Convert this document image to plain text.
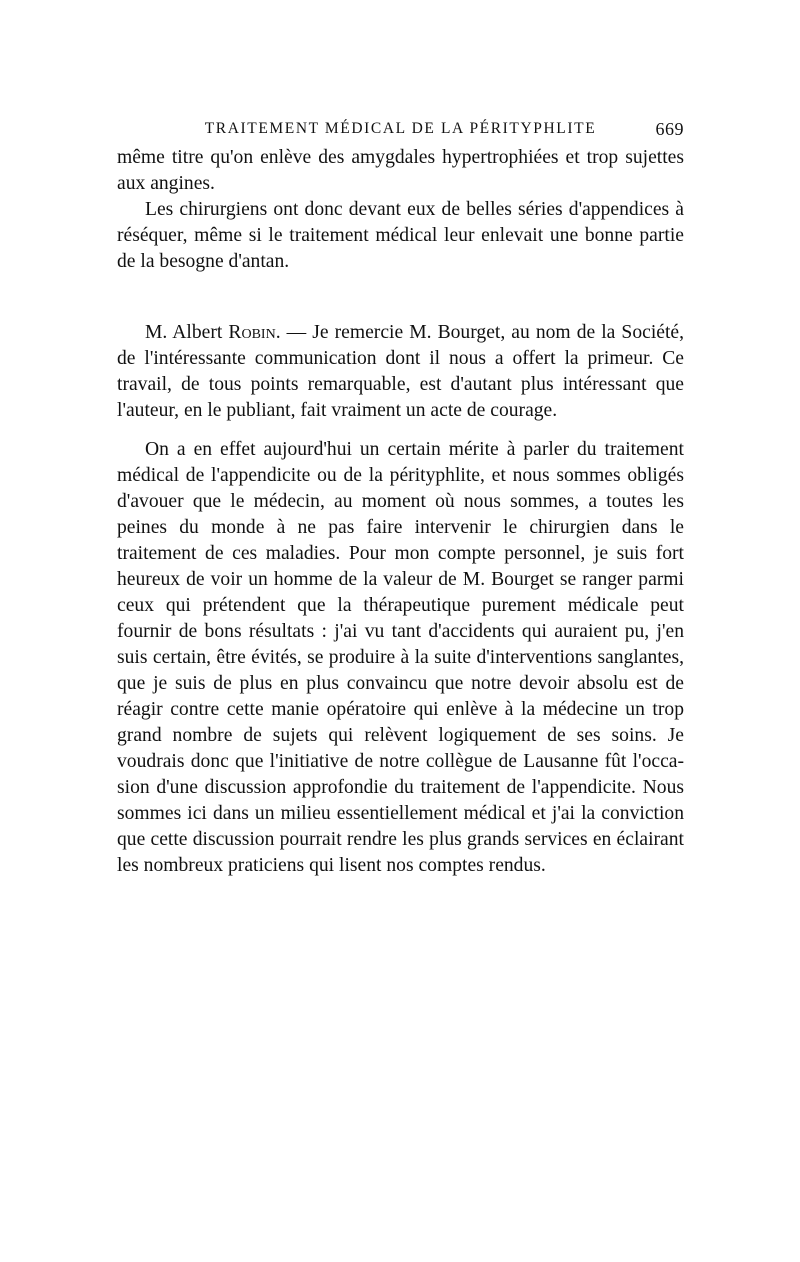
TRAITEMENT MÉDICAL DE LA PÉRITYPHLITE	669

même titre qu'on enlève des amygdales hypertrophiées et trop sujettes aux angines.

Les chirurgiens ont donc devant eux de belles séries d'appendices à réséquer, même si le traitement médical leur enlevait une bonne partie de la besogne d'antan.

M. Albert Robin. — Je remercie M. Bourget, au nom de la Société, de l'intéressante communication dont il nous a offert la primeur. Ce travail, de tous points remarquable, est d'autant plus intéressant que l'auteur, en le publiant, fait vraiment un acte de courage.

On a en effet aujourd'hui un certain mérite à parler du traitement médical de l'appendicite ou de la pérityphlite, et nous sommes obligés d'avouer que le médecin, au moment où nous sommes, a toutes les peines du monde à ne pas faire intervenir le chirurgien dans le traitement de ces maladies. Pour mon compte personnel, je suis fort heureux de voir un homme de la valeur de M. Bourget se ranger parmi ceux qui prétendent que la thérapeutique purement médicale peut fournir de bons résultats : j'ai vu tant d'accidents qui auraient pu, j'en suis certain, être évités, se produire à la suite d'interventions sanglantes, que je suis de plus en plus convaincu que notre devoir absolu est de réagir contre cette manie opératoire qui enlève à la médecine un trop grand nombre de sujets qui relèvent logiquement de ses soins. Je voudrais donc que l'initiative de notre collègue de Lausanne fût l'occasion d'une discussion approfondie du traitement de l'appendicite. Nous sommes ici dans un milieu essentiellement médical et j'ai la conviction que cette discussion pourrait rendre les plus grands services en éclairant les nombreux praticiens qui lisent nos comptes rendus.
